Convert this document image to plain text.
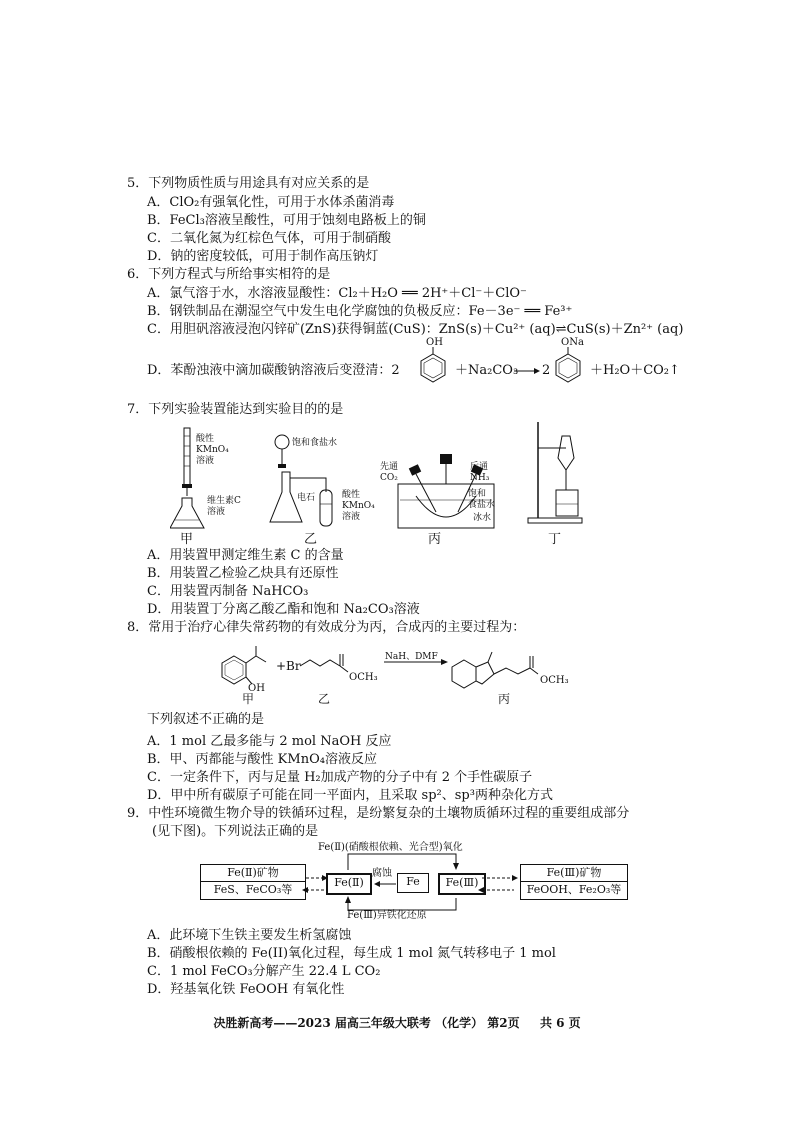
5．下列物质性质与用途具有对应关系的是
A．ClO₂有强氧化性，可用于水体杀菌消毒
B．FeCl₃溶液呈酸性，可用于蚀刻电路板上的铜
C．二氧化氮为红棕色气体，可用于制硝酸
D．钠的密度较低，可用于制作高压钠灯
6．下列方程式与所给事实相符的是
A．氯气溶于水，水溶液显酸性：Cl₂＋H₂O ══ 2H⁺＋Cl⁻＋ClO⁻
B．钢铁制品在潮湿空气中发生电化学腐蚀的负极反应：Fe－3e⁻ ══ Fe³⁺
C．用胆矾溶液浸泡闪锌矿(ZnS)获得铜蓝(CuS)：ZnS(s)＋Cu²⁺ (aq)⇌CuS(s)＋Zn²⁺ (aq)
D．苯酚浊液中滴加碳酸钠溶液后变澄清：2
OH
＋Na₂CO₃ → 2
ONa
＋H₂O＋CO₂↑
7．下列实验装置能达到实验目的的是
酸性
KMnO₄
溶液
维生素C
溶液
甲
饱和食盐水
电石	酸性
KMnO₄
溶液
乙
先通
CO₂
后通
NH₃
饱和
食盐水
冰水
丙	丁
A．用装置甲测定维生素 C 的含量
B．用装置乙检验乙炔具有还原性
C．用装置丙制备 NaHCO₃
D．用装置丁分离乙酸乙酯和饱和 Na₂CO₃溶液
8．常用于治疗心律失常药物的有效成分为丙，合成丙的主要过程为：
OH
+Br
OCH₃
NaH、DMF
OCH₃
甲	乙	丙
下列叙述不正确的是
A．1 mol 乙最多能与 2 mol NaOH 反应
B．甲、丙都能与酸性 KMnO₄溶液反应
C．一定条件下，丙与足量 H₂加成产物的分子中有 2 个手性碳原子
D．甲中所有碳原子可能在同一平面内，且采取 sp²、sp³两种杂化方式
9．中性环境微生物介导的铁循环过程，是纷繁复杂的土壤物质循环过程的重要组成部分
(见下图)。下列说法正确的是
Fe(Ⅱ)(硝酸根依赖、光合型)氧化
Fe(Ⅲ)异铁化还原
Fe(Ⅱ)矿物
FeS、FeCO₃等
Fe(Ⅱ)
腐蚀
Fe	Fe(Ⅲ)
Fe(Ⅲ)矿物
FeOOH、Fe₂O₃等
A．此环境下生铁主要发生析氢腐蚀
B．硝酸根依赖的 Fe(II)氧化过程，每生成 1 mol 氮气转移电子 1 mol
C．1 mol FeCO₃分解产生 22.4 L CO₂
D．羟基氧化铁 FeOOH 有氧化性
决胜新高考——2023 届高三年级大联考 （化学） 第2页 　 共 6 页
